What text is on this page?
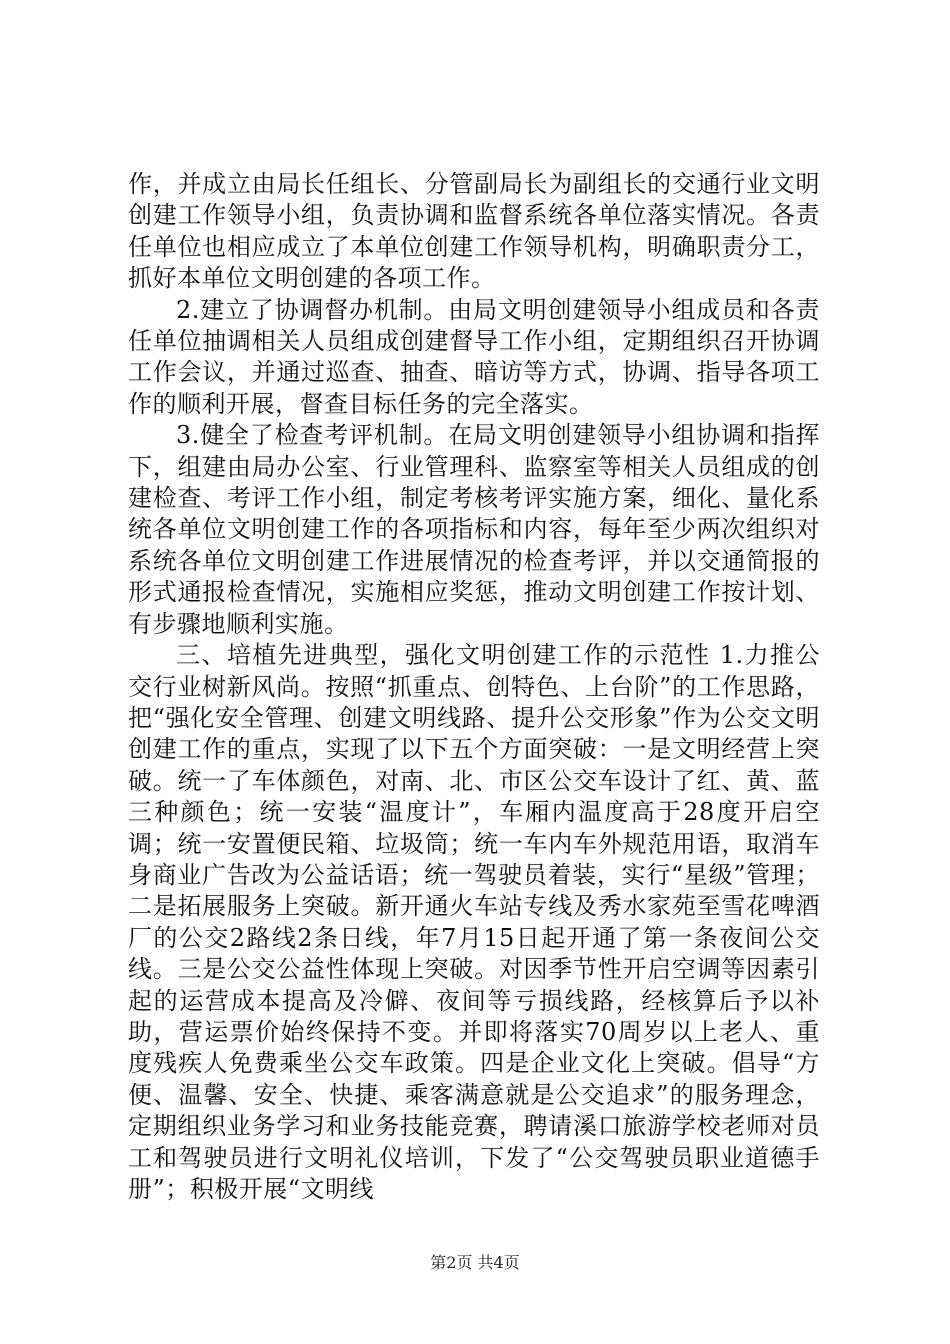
作，并成立由局长任组长、分管副局长为副组长的交通行业文明创建工作领导小组，负责协调和监督系统各单位落实情况。各责任单位也相应成立了本单位创建工作领导机构，明确职责分工，抓好本单位文明创建的各项工作。

2.建立了协调督办机制。由局文明创建领导小组成员和各责任单位抽调相关人员组成创建督导工作小组，定期组织召开协调工作会议，并通过巡查、抽查、暗访等方式，协调、指导各项工作的顺利开展，督查目标任务的完全落实。

3.健全了检查考评机制。在局文明创建领导小组协调和指挥下，组建由局办公室、行业管理科、监察室等相关人员组成的创建检查、考评工作小组，制定考核考评实施方案，细化、量化系统各单位文明创建工作的各项指标和内容，每年至少两次组织对系统各单位文明创建工作进展情况的检查考评，并以交通简报的形式通报检查情况，实施相应奖惩，推动文明创建工作按计划、有步骤地顺利实施。

三、培植先进典型，强化文明创建工作的示范性 1.力推公交行业树新风尚。按照“抓重点、创特色、上台阶”的工作思路，把“强化安全管理、创建文明线路、提升公交形象”作为公交文明创建工作的重点，实现了以下五个方面突破：一是文明经营上突破。统一了车体颜色，对南、北、市区公交车设计了红、黄、蓝三种颜色；统一安装“温度计”，车厢内温度高于28度开启空调；统一安置便民箱、垃圾筒；统一车内车外规范用语，取消车身商业广告改为公益话语；统一驾驶员着装，实行“星级”管理；二是拓展服务上突破。新开通火车站专线及秀水家苑至雪花啤酒厂的公交2路线2条日线，年7月15日起开通了第一条夜间公交线。三是公交公益性体现上突破。对因季节性开启空调等因素引起的运营成本提高及冷僻、夜间等亏损线路，经核算后予以补助，营运票价始终保持不变。并即将落实70周岁以上老人、重度残疾人免费乘坐公交车政策。四是企业文化上突破。倡导“方便、温馨、安全、快捷、乘客满意就是公交追求”的服务理念，定期组织业务学习和业务技能竞赛，聘请溪口旅游学校老师对员工和驾驶员进行文明礼仪培训，下发了“公交驾驶员职业道德手册”；积极开展“文明线

第2页 共4页
